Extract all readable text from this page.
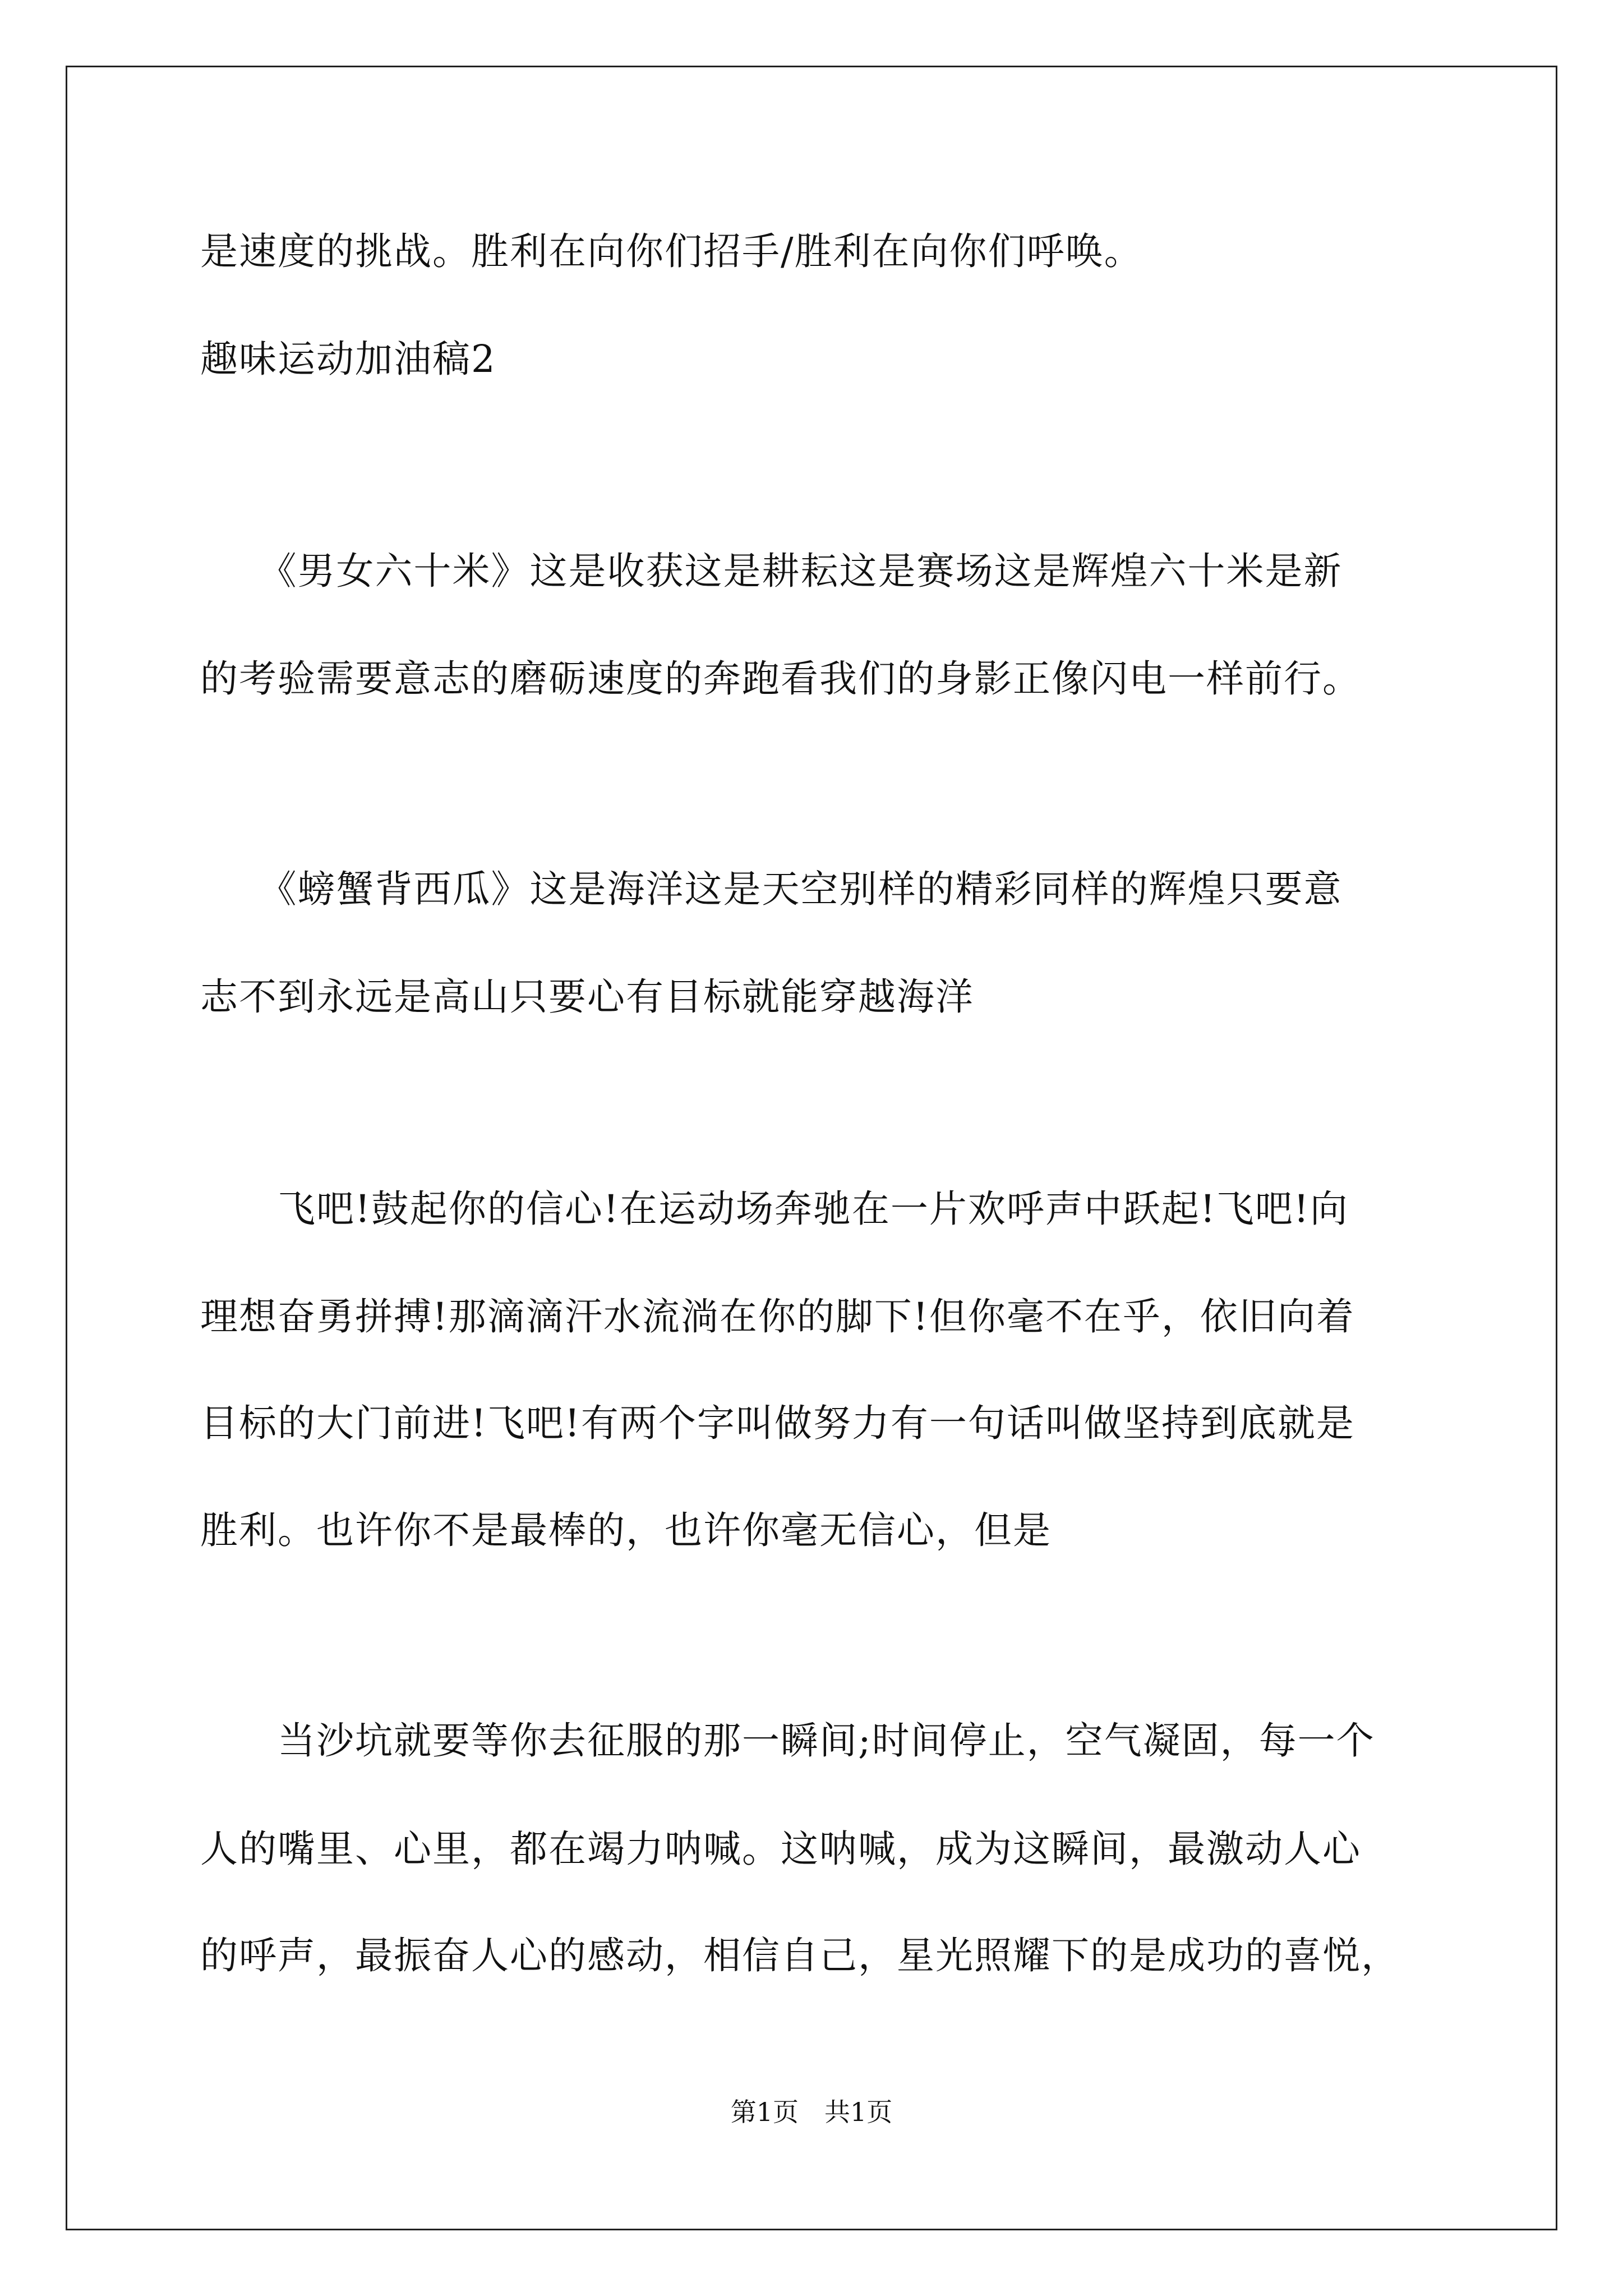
是速度的挑战。胜利在向你们招手/胜利在向你们呼唤。
趣味运动加油稿2
　　《男女六十米》这是收获这是耕耘这是赛场这是辉煌六十米是新
的考验需要意志的磨砺速度的奔跑看我们的身影正像闪电一样前行。
　　《螃蟹背西瓜》这是海洋这是天空别样的精彩同样的辉煌只要意
志不到永远是高山只要心有目标就能穿越海洋
　　飞吧!鼓起你的信心!在运动场奔驰在一片欢呼声中跃起!飞吧!向
理想奋勇拼搏!那滴滴汗水流淌在你的脚下!但你毫不在乎，依旧向着
目标的大门前进!飞吧!有两个字叫做努力有一句话叫做坚持到底就是
胜利。也许你不是最棒的，也许你毫无信心，但是
　　当沙坑就要等你去征服的那一瞬间;时间停止，空气凝固，每一个
人的嘴里、心里，都在竭力呐喊。这呐喊，成为这瞬间，最激动人心
的呼声，最振奋人心的感动，相信自己，星光照耀下的是成功的喜悦，
第1页　共1页
